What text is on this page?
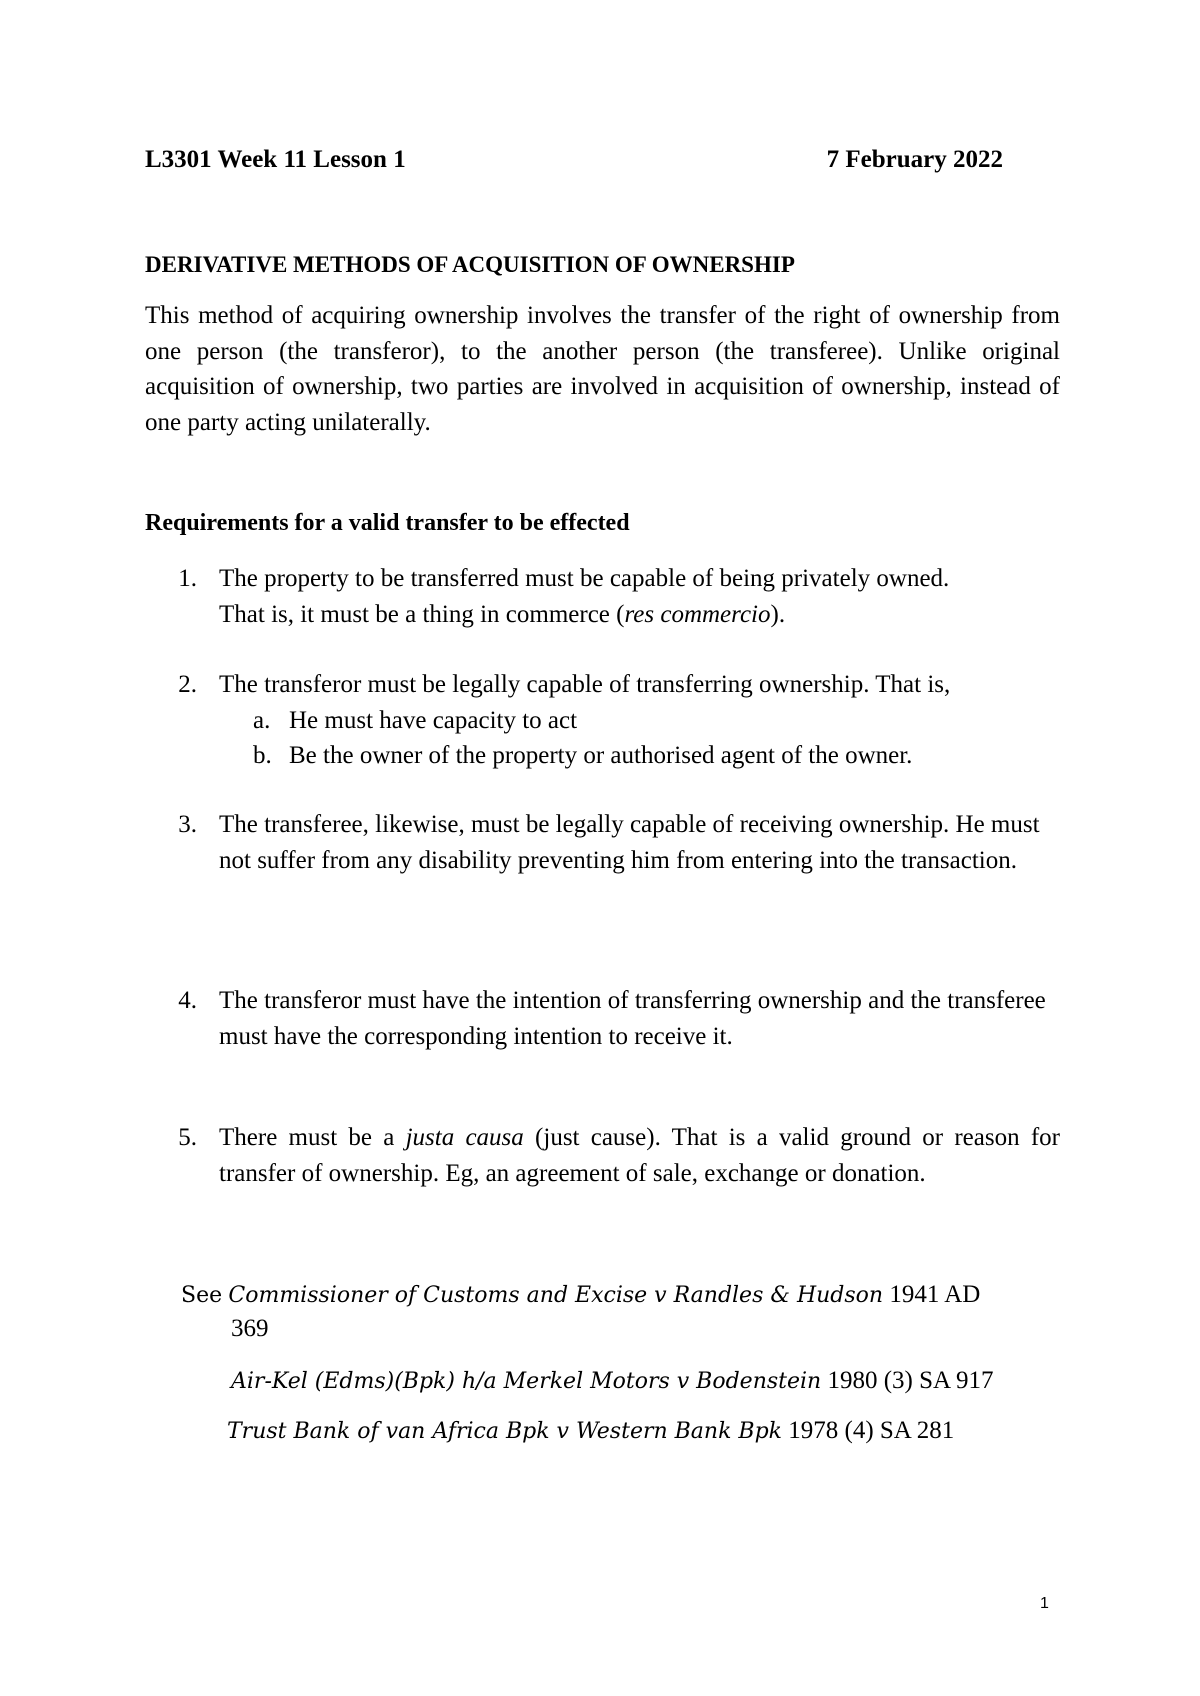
L3301 Week 11 Lesson 1	7 February 2022
DERIVATIVE METHODS OF ACQUISITION OF OWNERSHIP
This method of acquiring ownership involves the transfer of the right of ownership from one person (the transferor), to the another person (the transferee). Unlike original acquisition of ownership, two parties are involved in acquisition of ownership, instead of one party acting unilaterally.
Requirements for a valid transfer to be effected
1. The property to be transferred must be capable of being privately owned.
That is, it must be a thing in commerce (res commercio).
2. The transferor must be legally capable of transferring ownership. That is,
a. He must have capacity to act
b. Be the owner of the property or authorised agent of the owner.
3. The transferee, likewise, must be legally capable of receiving ownership. He must not suffer from any disability preventing him from entering into the transaction.
4. The transferor must have the intention of transferring ownership and the transferee must have the corresponding intention to receive it.
5. There must be a justa causa (just cause). That is a valid ground or reason for transfer of ownership. Eg, an agreement of sale, exchange or donation.
See Commissioner of Customs and Excise v Randles & Hudson 1941 AD
369
Air-Kel (Edms)(Bpk) h/a Merkel Motors v Bodenstein 1980 (3) SA 917
Trust Bank of van Africa Bpk v Western Bank Bpk 1978 (4) SA 281
1
